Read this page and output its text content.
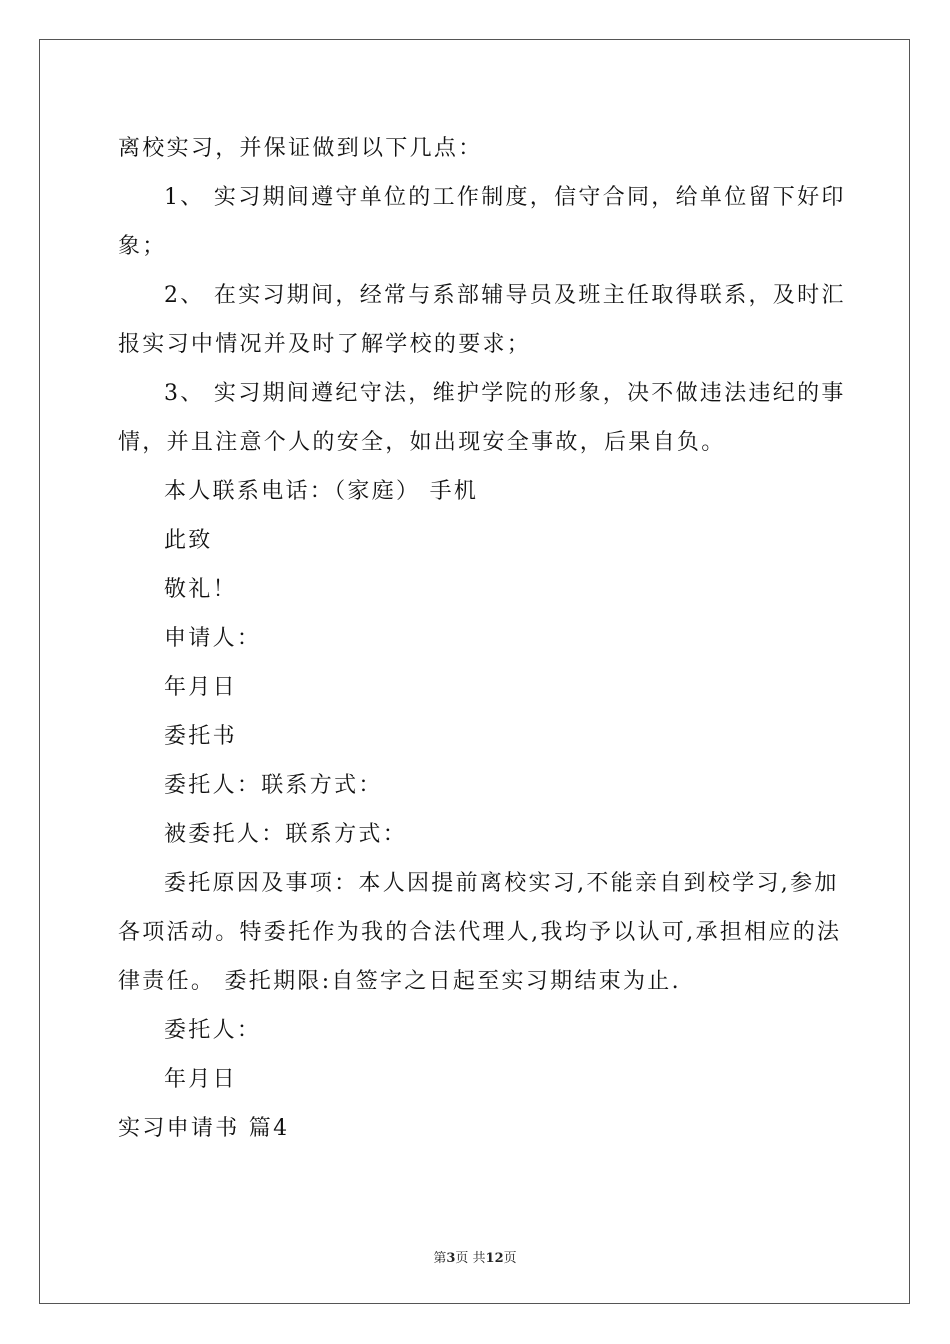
离校实习，并保证做到以下几点：
1、 实习期间遵守单位的工作制度，信守合同，给单位留下好印
象；
2、 在实习期间，经常与系部辅导员及班主任取得联系，及时汇
报实习中情况并及时了解学校的要求；
3、 实习期间遵纪守法，维护学院的形象，决不做违法违纪的事
情，并且注意个人的安全，如出现安全事故，后果自负。
本人联系电话：（家庭） 手机
此致
敬礼！
申请人：
年月日
委托书
委托人：联系方式：
被委托人：联系方式：
委托原因及事项：本人因提前离校实习,不能亲自到校学习,参加
各项活动。特委托作为我的合法代理人,我均予以认可,承担相应的法
律责任。 委托期限:自签字之日起至实习期结束为止.
委托人：
年月日
实习申请书 篇4
第3页 共12页
